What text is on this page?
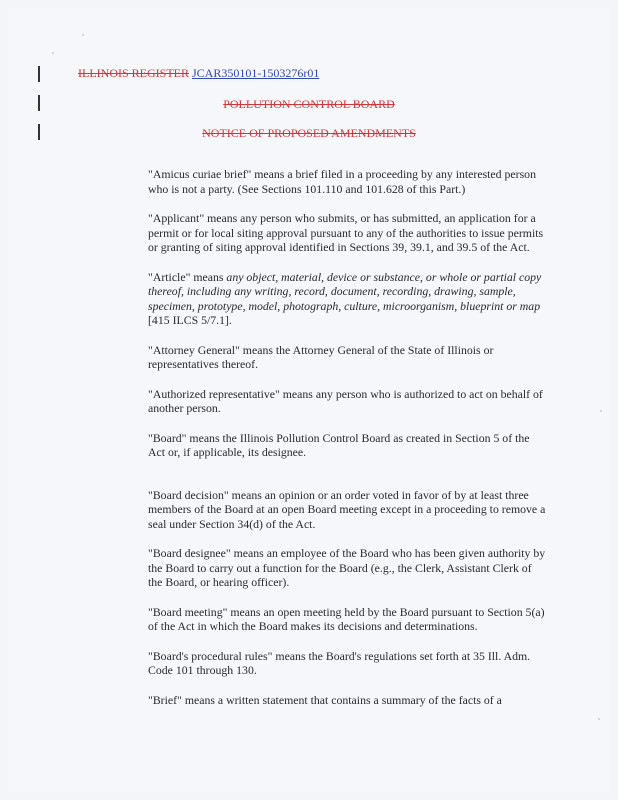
ILLINOIS REGISTER JCAR350101-1503276r01
POLLUTION CONTROL BOARD
NOTICE OF PROPOSED AMENDMENTS

"Amicus curiae brief" means a brief filed in a proceeding by any interested person who is not a party. (See Sections 101.110 and 101.628 of this Part.)

"Applicant" means any person who submits, or has submitted, an application for a permit or for local siting approval pursuant to any of the authorities to issue permits or granting of siting approval identified in Sections 39, 39.1, and 39.5 of the Act.

"Article" means any object, material, device or substance, or whole or partial copy thereof, including any writing, record, document, recording, drawing, sample, specimen, prototype, model, photograph, culture, microorganism, blueprint or map [415 ILCS 5/7.1].

"Attorney General" means the Attorney General of the State of Illinois or representatives thereof.

"Authorized representative" means any person who is authorized to act on behalf of another person.

"Board" means the Illinois Pollution Control Board as created in Section 5 of the Act or, if applicable, its designee.

"Board decision" means an opinion or an order voted in favor of by at least three members of the Board at an open Board meeting except in a proceeding to remove a seal under Section 34(d) of the Act.

"Board designee" means an employee of the Board who has been given authority by the Board to carry out a function for the Board (e.g., the Clerk, Assistant Clerk of the Board, or hearing officer).

"Board meeting" means an open meeting held by the Board pursuant to Section 5(a) of the Act in which the Board makes its decisions and determinations.

"Board's procedural rules" means the Board's regulations set forth at 35 Ill. Adm. Code 101 through 130.

"Brief" means a written statement that contains a summary of the facts of a
